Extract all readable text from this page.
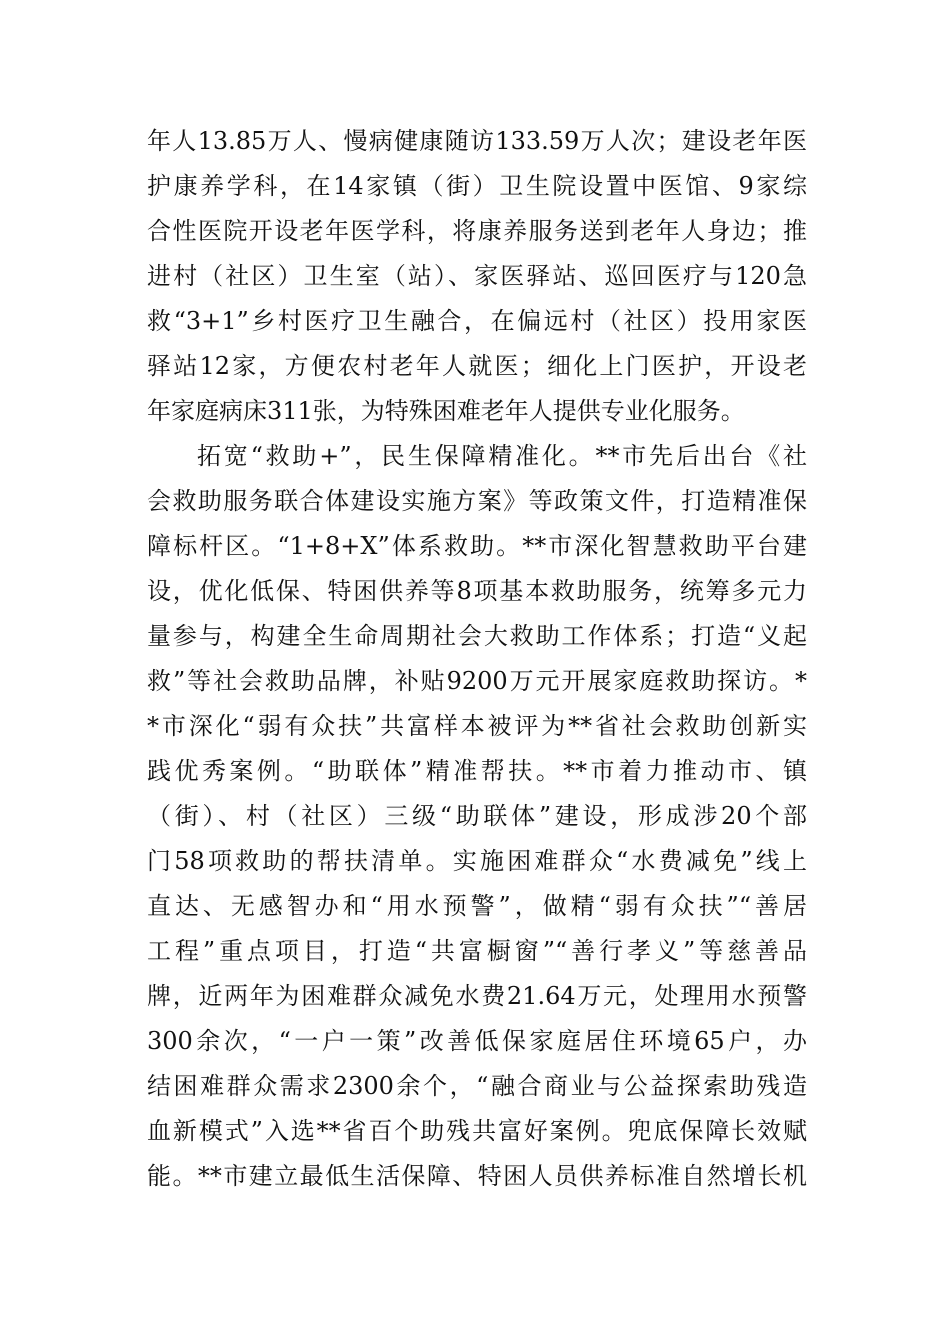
年人13.85万人、慢病健康随访133.59万人次；建设老年医
护康养学科，在14家镇（街）卫生院设置中医馆、9家综
合性医院开设老年医学科，将康养服务送到老年人身边；推
进村（社区）卫生室（站）、家医驿站、巡回医疗与120急
救“3+1”乡村医疗卫生融合，在偏远村（社区）投用家医
驿站12家，方便农村老年人就医；细化上门医护，开设老
年家庭病床311张，为特殊困难老年人提供专业化服务。
拓宽“救助+”，民生保障精准化。**市先后出台《社
会救助服务联合体建设实施方案》等政策文件，打造精准保
障标杆区。“1+8+X”体系救助。**市深化智慧救助平台建
设，优化低保、特困供养等8项基本救助服务，统筹多元力
量参与，构建全生命周期社会大救助工作体系；打造“义起
救”等社会救助品牌，补贴9200万元开展家庭救助探访。*
*市深化“弱有众扶”共富样本被评为**省社会救助创新实
践优秀案例。“助联体”精准帮扶。**市着力推动市、镇
（街）、村（社区）三级“助联体”建设，形成涉20个部
门58项救助的帮扶清单。实施困难群众“水费减免”线上
直达、无感智办和“用水预警”，做精“弱有众扶”“善居
工程”重点项目，打造“共富橱窗”“善行孝义”等慈善品
牌，近两年为困难群众减免水费21.64万元，处理用水预警
300余次，“一户一策”改善低保家庭居住环境65户，办
结困难群众需求2300余个，“融合商业与公益探索助残造
血新模式”入选**省百个助残共富好案例。兜底保障长效赋
能。**市建立最低生活保障、特困人员供养标准自然增长机
